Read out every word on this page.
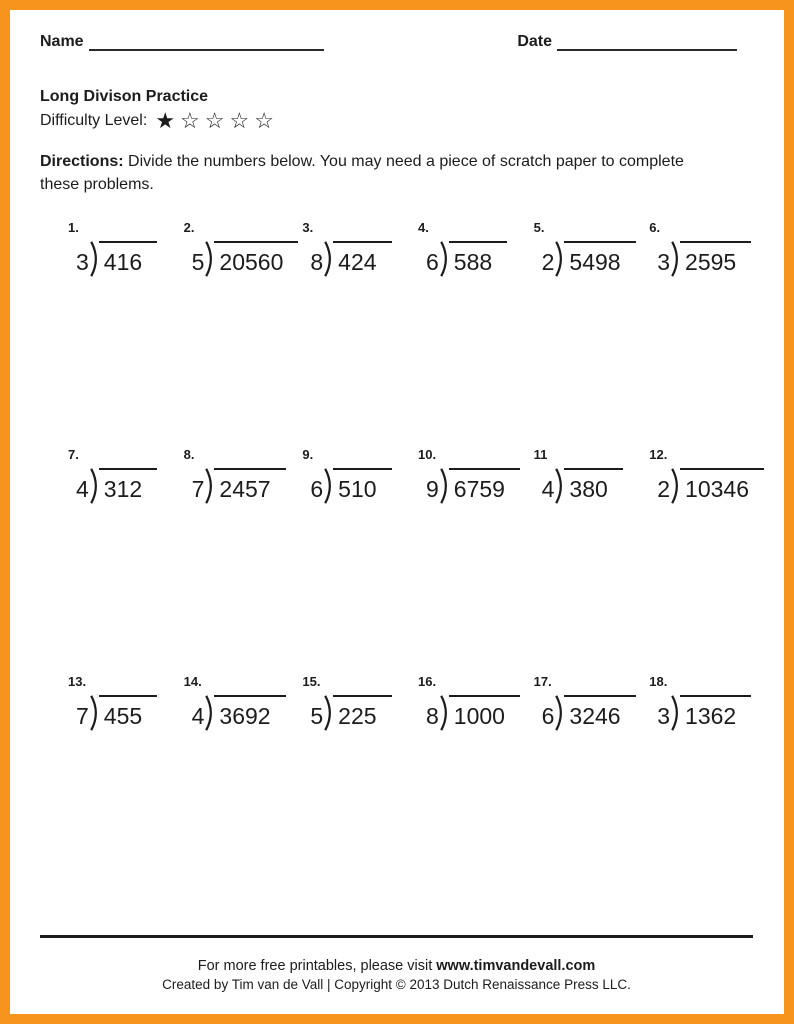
Name	Date
Long Divison Practice
Difficulty Level: ★☆☆☆☆
Directions: Divide the numbers below. You may need a piece of scratch paper to complete these problems.
1.
3 416
2.
5 20560
3.
8 424
4.
6 588
5.
2 5498
6.
3 2595
7.
4 312
8.
7 2457
9.
6 510
10.
9 6759
11
4 380
12.
2 10346
13.
7 455
14.
4 3692
15.
5 225
16.
8 1000
17.
6 3246
18.
3 1362
For more free printables, please visit www.timvandevall.com
Created by Tim van de Vall | Copyright © 2013 Dutch Renaissance Press LLC.
